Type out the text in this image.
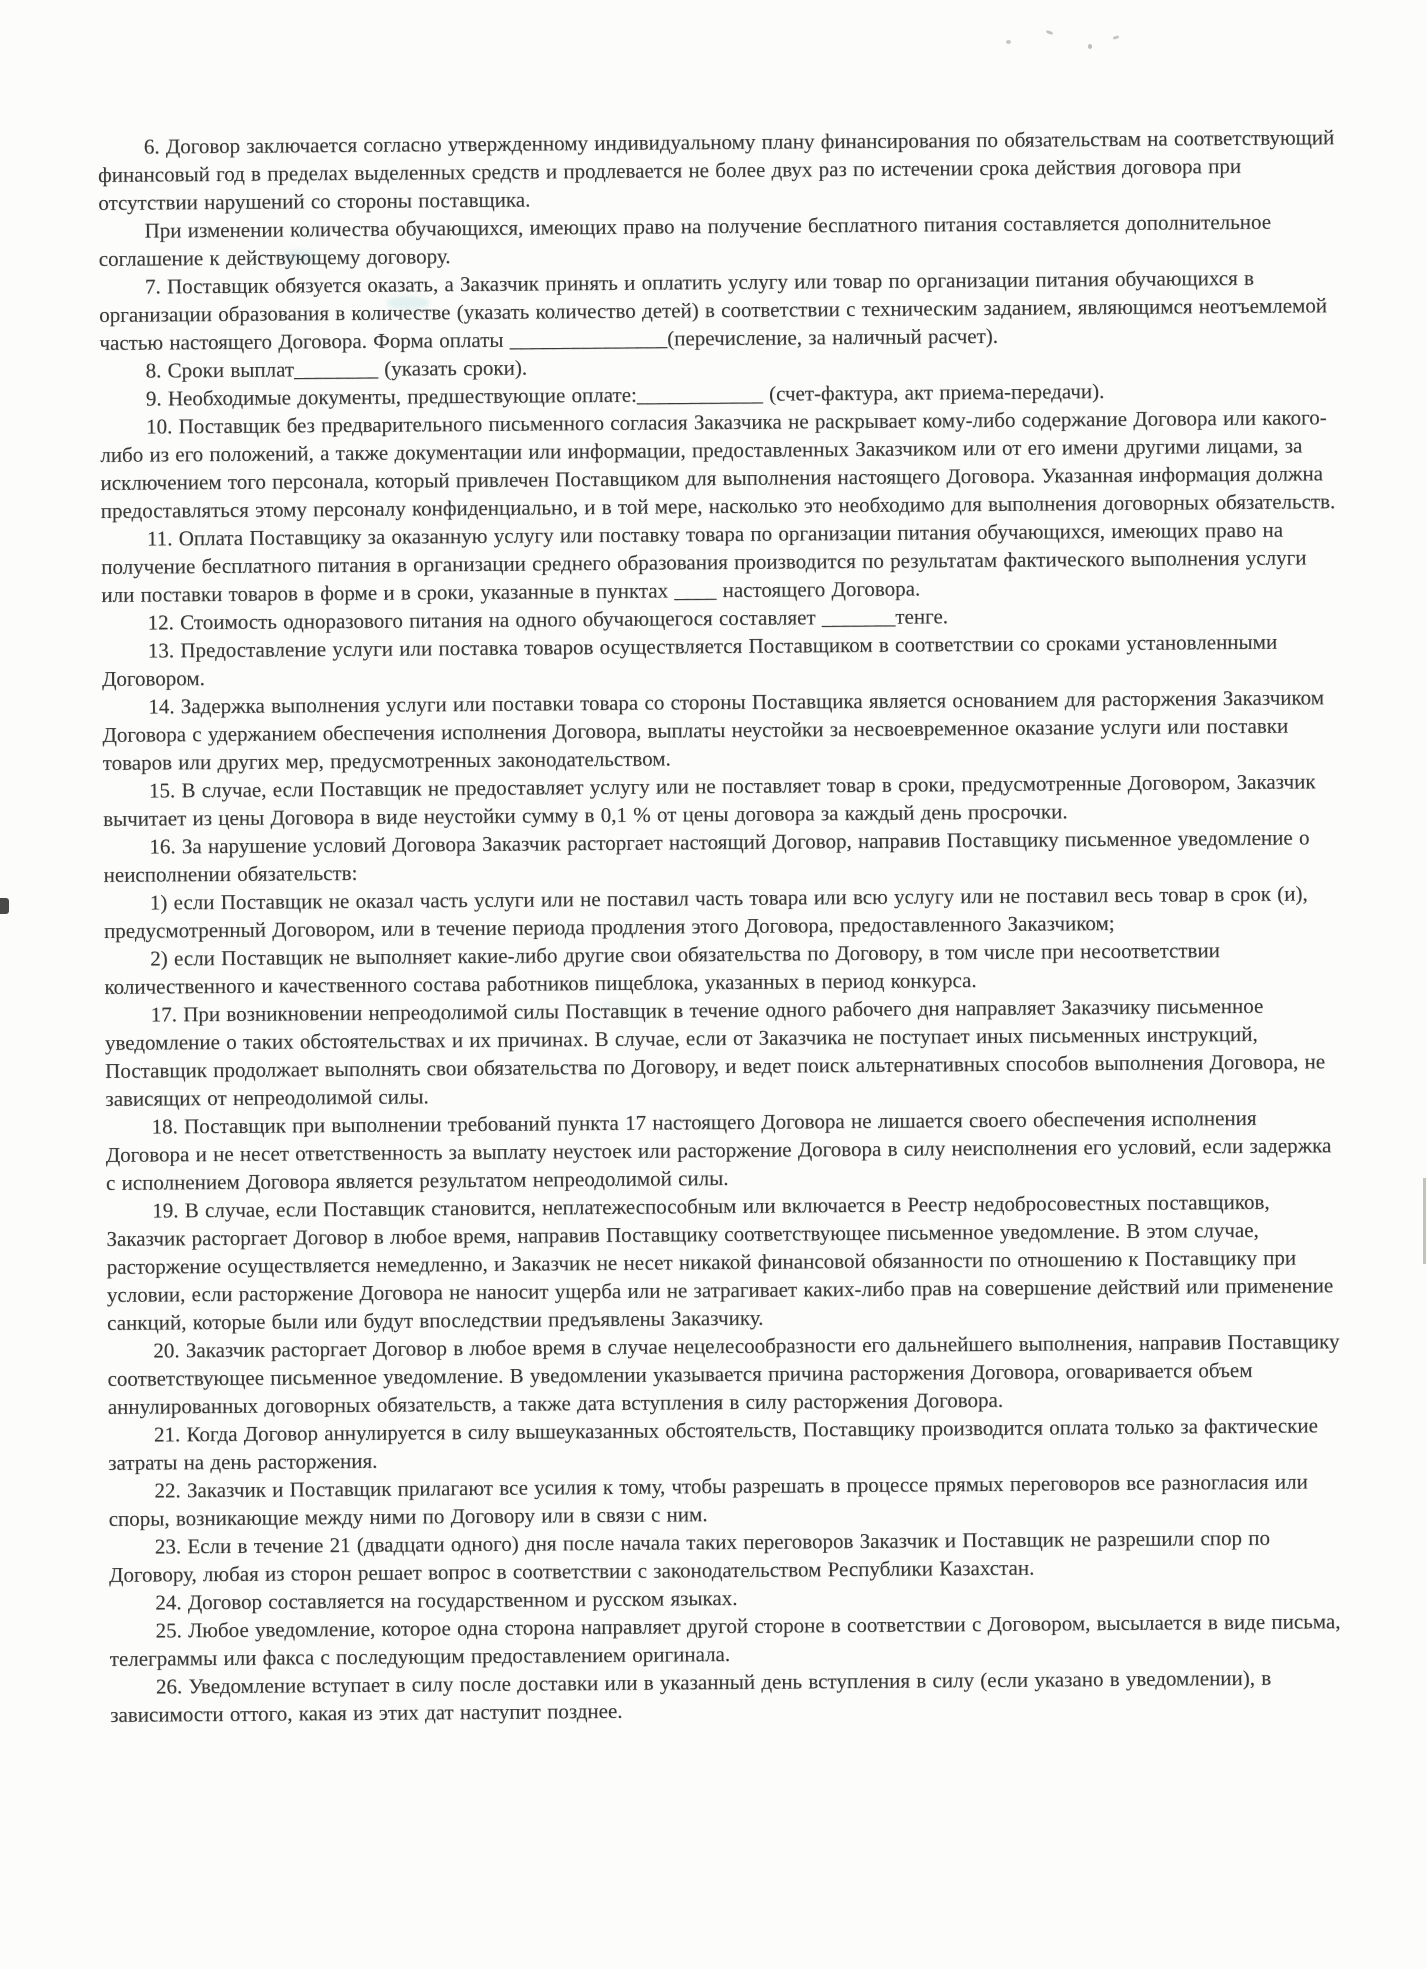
6. Договор заключается согласно утвержденному индивидуальному плану финансирования по обязательствам на соответствующий финансовый год в пределах выделенных средств и продлевается не более двух раз по истечении срока действия договора при отсутствии нарушений со стороны поставщика.

При изменении количества обучающихся, имеющих право на получение бесплатного питания составляется дополнительное соглашение к действующему договору.

7. Поставщик обязуется оказать, а Заказчик принять и оплатить услугу или товар по организации питания обучающихся в организации образования в количестве (указать количество детей) в соответствии с техническим заданием, являющимся неотъемлемой частью настоящего Договора. Форма оплаты _______________(перечисление, за наличный расчет).

8. Сроки выплат________ (указать сроки).

9. Необходимые документы, предшествующие оплате:____________ (счет-фактура, акт приема-передачи).

10. Поставщик без предварительного письменного согласия Заказчика не раскрывает кому-либо содержание Договора или какого-либо из его положений, а также документации или информации, предоставленных Заказчиком или от его имени другими лицами, за исключением того персонала, который привлечен Поставщиком для выполнения настоящего Договора. Указанная информация должна предоставляться этому персоналу конфиденциально, и в той мере, насколько это необходимо для выполнения договорных обязательств.

11. Оплата Поставщику за оказанную услугу или поставку товара по организации питания обучающихся, имеющих право на получение бесплатного питания в организации среднего образования производится по результатам фактического выполнения услуги или поставки товаров в форме и в сроки, указанные в пунктах ____ настоящего Договора.

12. Стоимость одноразового питания на одного обучающегося составляет _______тенге.

13. Предоставление услуги или поставка товаров осуществляется Поставщиком в соответствии со сроками установленными Договором.

14. Задержка выполнения услуги или поставки товара со стороны Поставщика является основанием для расторжения Заказчиком Договора с удержанием обеспечения исполнения Договора, выплаты неустойки за несвоевременное оказание услуги или поставки товаров или других мер, предусмотренных законодательством.

15. В случае, если Поставщик не предоставляет услугу или не поставляет товар в сроки, предусмотренные Договором, Заказчик вычитает из цены Договора в виде неустойки сумму в 0,1 % от цены договора за каждый день просрочки.

16. За нарушение условий Договора Заказчик расторгает настоящий Договор, направив Поставщику письменное уведомление о неисполнении обязательств:

1) если Поставщик не оказал часть услуги или не поставил часть товара или всю услугу или не поставил весь товар в срок (и), предусмотренный Договором, или в течение периода продления этого Договора, предоставленного Заказчиком;

2) если Поставщик не выполняет какие-либо другие свои обязательства по Договору, в том числе при несоответствии количественного и качественного состава работников пищеблока, указанных в период конкурса.

17. При возникновении непреодолимой силы Поставщик в течение одного рабочего дня направляет Заказчику письменное уведомление о таких обстоятельствах и их причинах. В случае, если от Заказчика не поступает иных письменных инструкций, Поставщик продолжает выполнять свои обязательства по Договору, и ведет поиск альтернативных способов выполнения Договора, не зависящих от непреодолимой силы.

18. Поставщик при выполнении требований пункта 17 настоящего Договора не лишается своего обеспечения исполнения Договора и не несет ответственность за выплату неустоек или расторжение Договора в силу неисполнения его условий, если задержка с исполнением Договора является результатом непреодолимой силы.

19. В случае, если Поставщик становится, неплатежеспособным или включается в Реестр недобросовестных поставщиков, Заказчик расторгает Договор в любое время, направив Поставщику соответствующее письменное уведомление. В этом случае, расторжение осуществляется немедленно, и Заказчик не несет никакой финансовой обязанности по отношению к Поставщику при условии, если расторжение Договора не наносит ущерба или не затрагивает каких-либо прав на совершение действий или применение санкций, которые были или будут впоследствии предъявлены Заказчику.

20. Заказчик расторгает Договор в любое время в случае нецелесообразности его дальнейшего выполнения, направив Поставщику соответствующее письменное уведомление. В уведомлении указывается причина расторжения Договора, оговаривается объем аннулированных договорных обязательств, а также дата вступления в силу расторжения Договора.

21. Когда Договор аннулируется в силу вышеуказанных обстоятельств, Поставщику производится оплата только за фактические затраты на день расторжения.

22. Заказчик и Поставщик прилагают все усилия к тому, чтобы разрешать в процессе прямых переговоров все разногласия или споры, возникающие между ними по Договору или в связи с ним.

23. Если в течение 21 (двадцати одного) дня после начала таких переговоров Заказчик и Поставщик не разрешили спор по Договору, любая из сторон решает вопрос в соответствии с законодательством Республики Казахстан.

24. Договор составляется на государственном и русском языках.

25. Любое уведомление, которое одна сторона направляет другой стороне в соответствии с Договором, высылается в виде письма, телеграммы или факса с последующим предоставлением оригинала.

26. Уведомление вступает в силу после доставки или в указанный день вступления в силу (если указано в уведомлении), в зависимости оттого, какая из этих дат наступит позднее.
